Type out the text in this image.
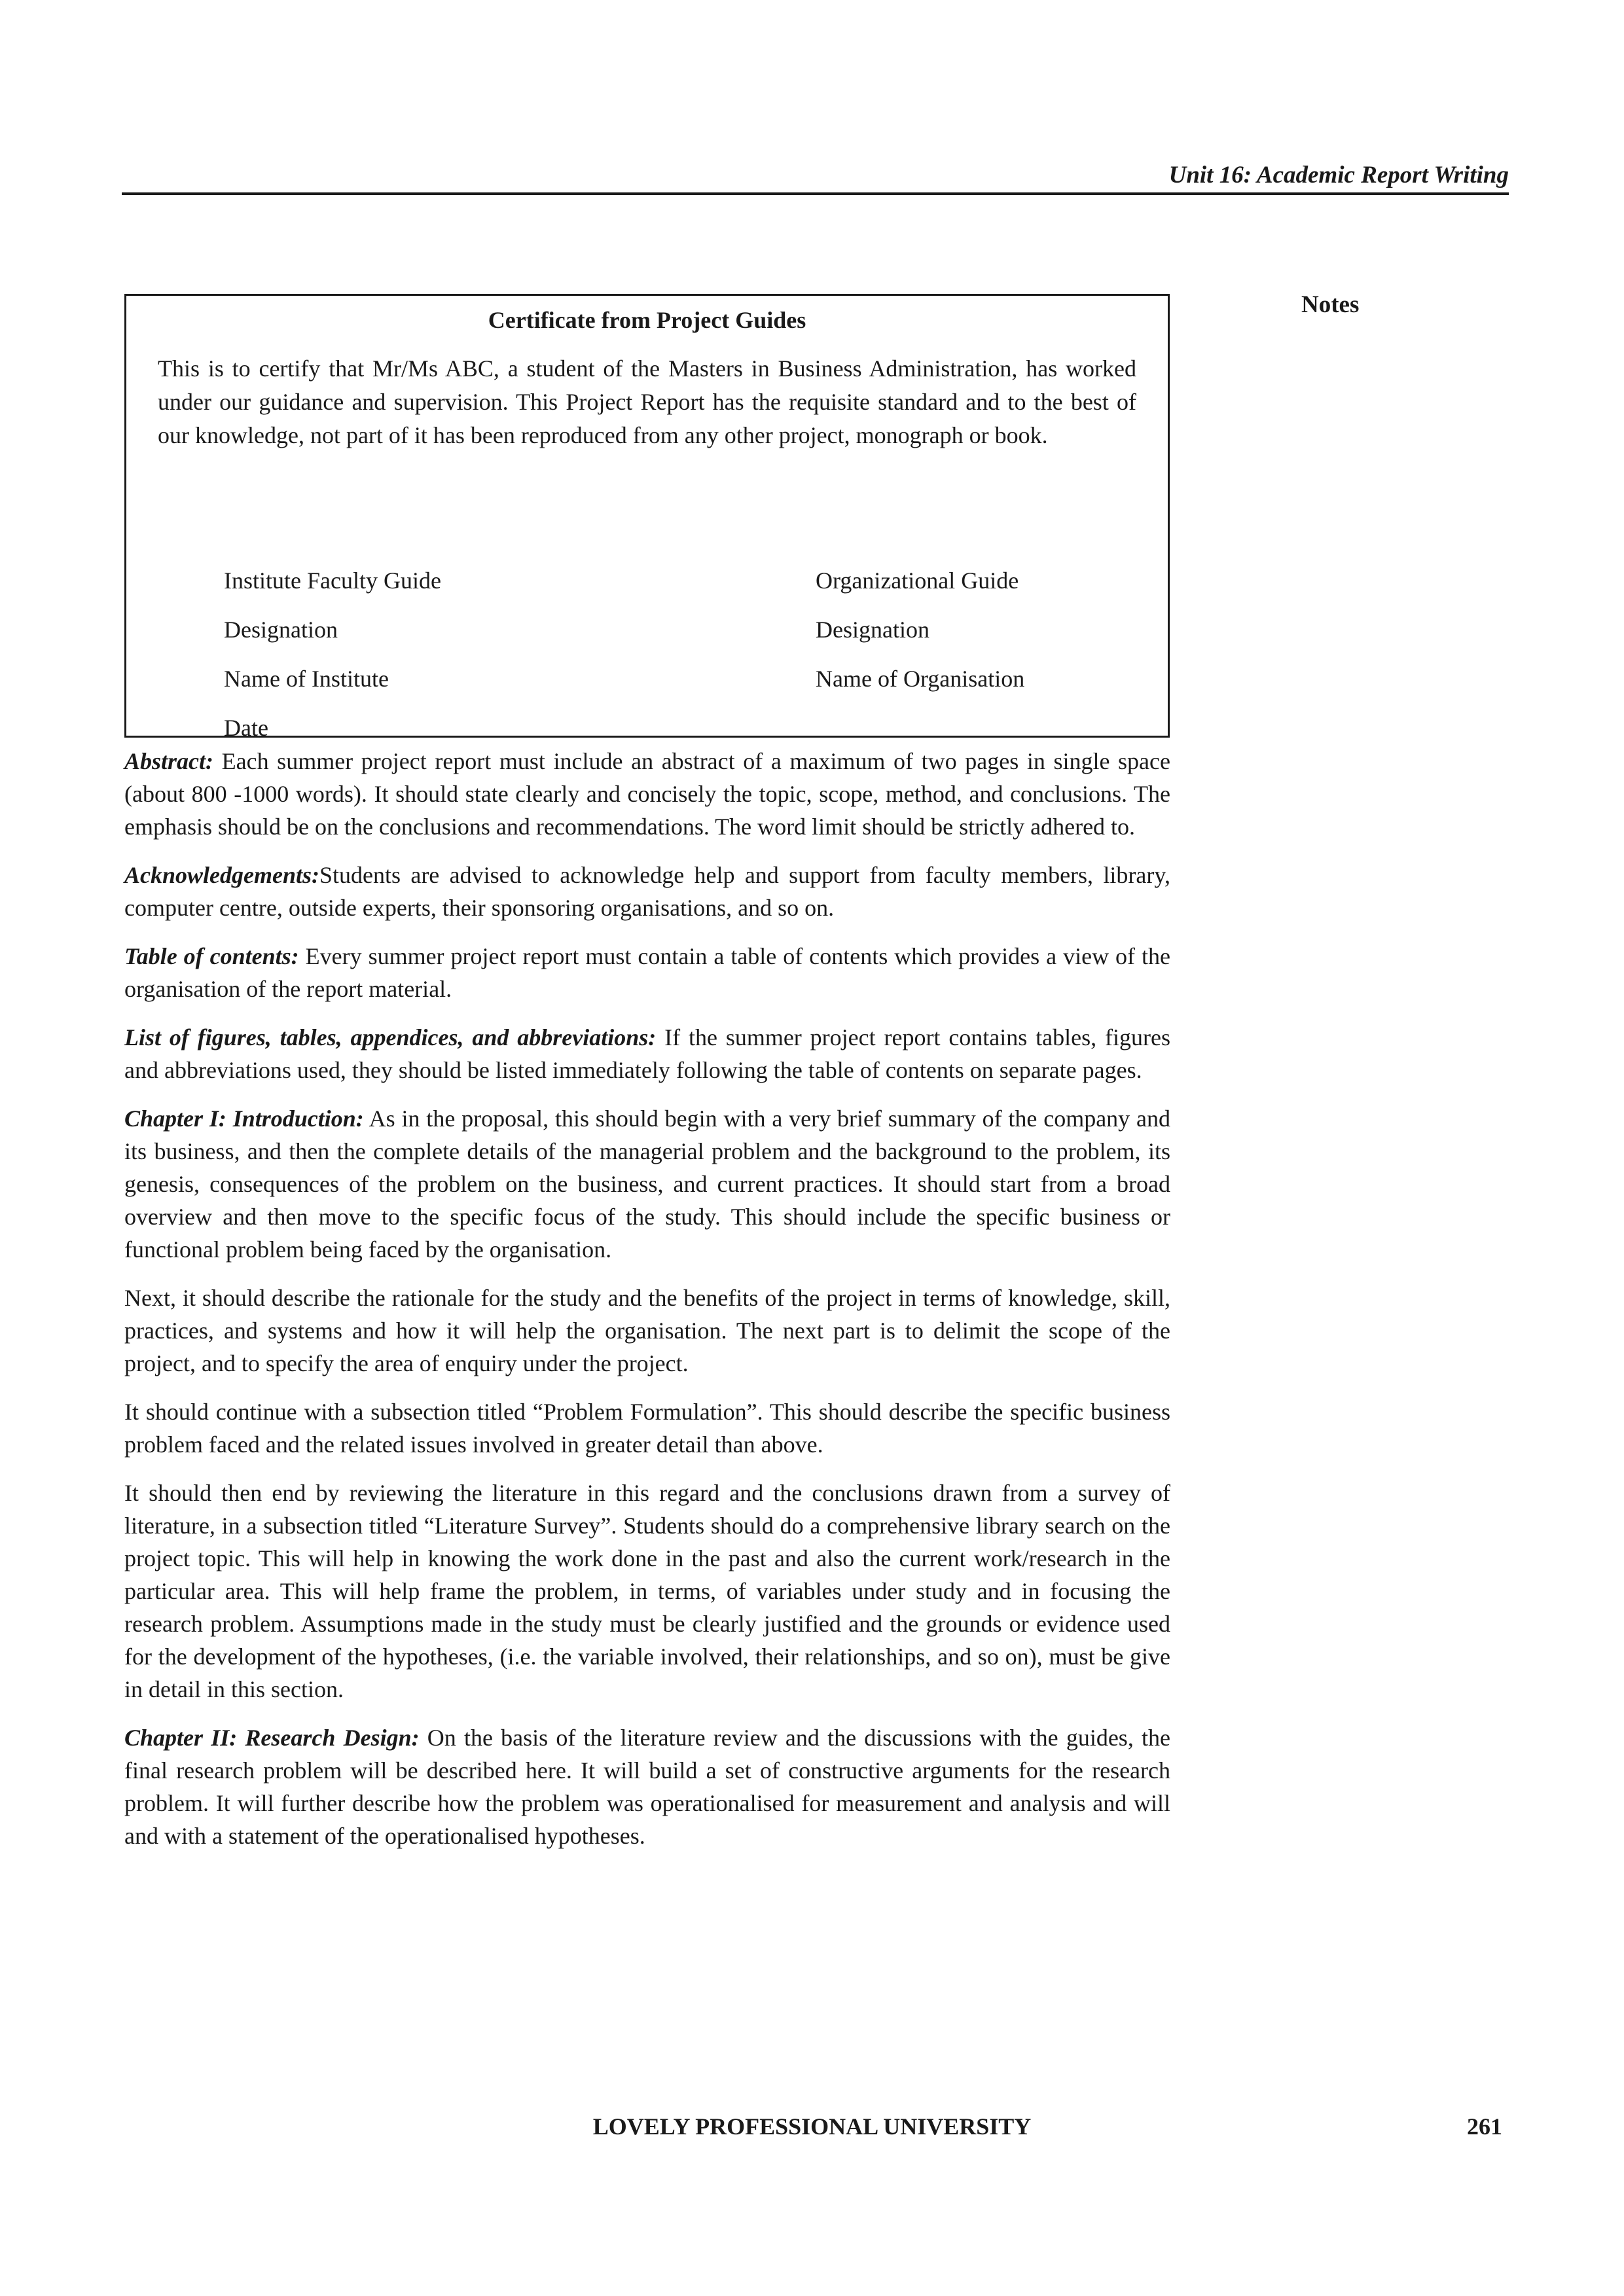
Unit 16: Academic Report Writing
Notes
Certificate from Project Guides
This is to certify that Mr/Ms ABC, a student of the Masters in Business Administration, has worked under our guidance and supervision. This Project Report has the requisite standard and to the best of our knowledge, not part of it has been reproduced from any other project, monograph or book.
Institute Faculty Guide
Designation
Name of Institute
Date
Organizational Guide
Designation
Name of Organisation

Abstract: Each summer project report must include an abstract of a maximum of two pages in single space (about 800 -1000 words). It should state clearly and concisely the topic, scope, method, and conclusions. The emphasis should be on the conclusions and recommendations. The word limit should be strictly adhered to.

Acknowledgements:Students are advised to acknowledge help and support from faculty members, library, computer centre, outside experts, their sponsoring organisations, and so on.

Table of contents: Every summer project report must contain a table of contents which provides a view of the organisation of the report material.

List of figures, tables, appendices, and abbreviations: If the summer project report contains tables, figures and abbreviations used, they should be listed immediately following the table of contents on separate pages.

Chapter I: Introduction: As in the proposal, this should begin with a very brief summary of the company and its business, and then the complete details of the managerial problem and the background to the problem, its genesis, consequences of the problem on the business, and current practices. It should start from a broad overview and then move to the specific focus of the study. This should include the specific business or functional problem being faced by the organisation.

Next, it should describe the rationale for the study and the benefits of the project in terms of knowledge, skill, practices, and systems and how it will help the organisation. The next part is to delimit the scope of the project, and to specify the area of enquiry under the project.

It should continue with a subsection titled “Problem Formulation”. This should describe the specific business problem faced and the related issues involved in greater detail than above.

It should then end by reviewing the literature in this regard and the conclusions drawn from a survey of literature, in a subsection titled “Literature Survey”. Students should do a comprehensive library search on the project topic. This will help in knowing the work done in the past and also the current work/research in the particular area. This will help frame the problem, in terms, of variables under study and in focusing the research problem. Assumptions made in the study must be clearly justified and the grounds or evidence used for the development of the hypotheses, (i.e. the variable involved, their relationships, and so on), must be give in detail in this section.

Chapter II: Research Design: On the basis of the literature review and the discussions with the guides, the final research problem will be described here. It will build a set of constructive arguments for the research problem. It will further describe how the problem was operationalised for measurement and analysis and will and with a statement of the operationalised hypotheses.

LOVELY PROFESSIONAL UNIVERSITY	261
